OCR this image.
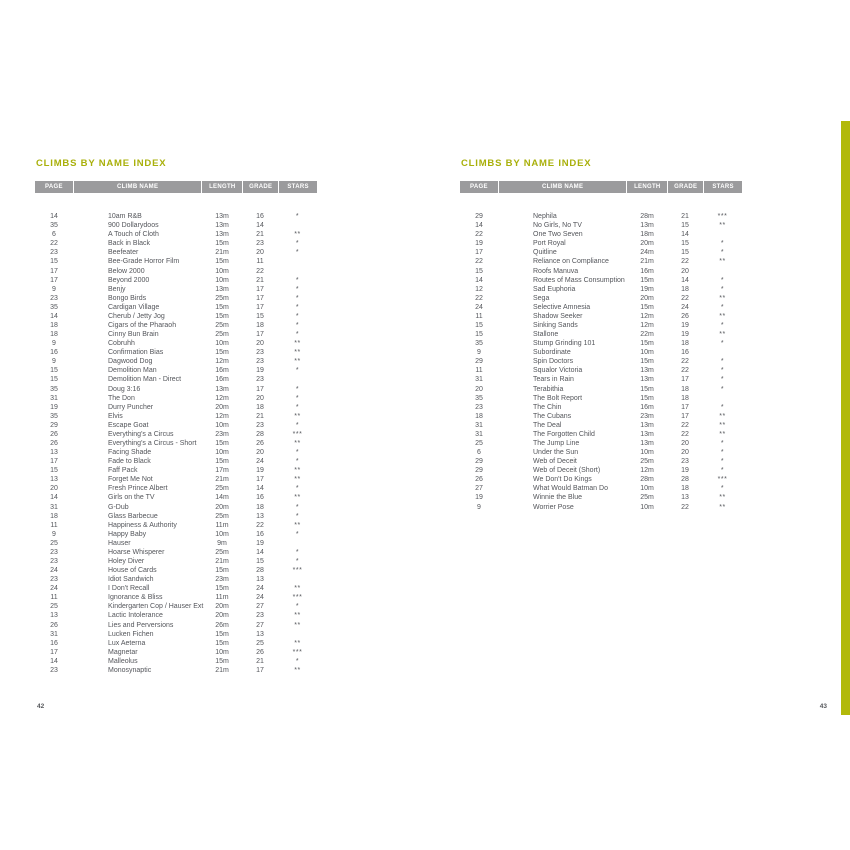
CLIMBS BY NAME INDEX
PAGE	CLIMB NAME	LENGTH	GRADE	STARS
14	10am R&B	13m	16	*
35	900 Dollarydoos	13m	14
6	A Touch of Cloth	13m	21	**
22	Back in Black	15m	23	*
23	Beefeater	21m	20	*
15	Bee-Grade Horror Film	15m	11
17	Below 2000	10m	22
17	Beyond 2000	10m	21	*
9	Benjy	13m	17	*
23	Bongo Birds	25m	17	*
35	Cardigan Village	15m	17	*
14	Cherub / Jetty Jog	15m	15	*
18	Cigars of the Pharaoh	25m	18	*
18	Cinny Bun Brain	25m	17	*
9	Cobruhh	10m	20	**
16	Confirmation Bias	15m	23	**
9	Dagwood Dog	12m	23	**
15	Demolition Man	16m	19	*
15	Demolition Man - Direct	16m	23
35	Doug 3:16	13m	17	*
31	The Don	12m	20	*
19	Durry Puncher	20m	18	*
35	Elvis	12m	21	**
29	Escape Goat	10m	23	*
26	Everything's a Circus	23m	28	***
26	Everything's a Circus - Short	15m	26	**
13	Facing Shade	10m	20	*
17	Fade to Black	15m	24	*
15	Faff Pack	17m	19	**
13	Forget Me Not	21m	17	**
20	Fresh Prince Albert	25m	14	*
14	Girls on the TV	14m	16	**
31	G-Dub	20m	18	*
18	Glass Barbecue	25m	13	*
11	Happiness & Authority	11m	22	**
9	Happy Baby	10m	16	*
25	Hauser	9m	19
23	Hoarse Whisperer	25m	14	*
23	Holey Diver	21m	15	*
24	House of Cards	15m	28	***
23	Idiot Sandwich	23m	13
24	I Don't Recall	15m	24	**
11	Ignorance & Bliss	11m	24	***
25	Kindergarten Cop / Hauser Ext	20m	27	*
13	Lactic Intolerance	20m	23	**
26	Lies and Perversions	26m	27	**
31	Lucken Fichen	15m	13
16	Lux Aeterna	15m	25	**
17	Magnetar	10m	26	***
14	Malleolus	15m	21	*
23	Monosynaptic	21m	17	**
CLIMBS BY NAME INDEX
PAGE	CLIMB NAME	LENGTH	GRADE	STARS
29	Nephila	28m	21	***
14	No Girls, No TV	13m	15	**
22	One Two Seven	18m	14
19	Port Royal	20m	15	*
17	Quitline	24m	15	*
22	Reliance on Compliance	21m	22	**
15	Roofs Manuva	16m	20
14	Routes of Mass Consumption	15m	14	*
12	Sad Euphoria	19m	18	*
22	Sega	20m	22	**
24	Selective Amnesia	15m	24	*
11	Shadow Seeker	12m	26	**
15	Sinking Sands	12m	19	*
15	Stallone	22m	19	**
35	Stump Grinding 101	15m	18	*
9	Subordinate	10m	16
29	Spin Doctors	15m	22	*
11	Squalor Victoria	13m	22	*
31	Tears in Rain	13m	17	*
20	Terabithia	15m	18	*
35	The Bolt Report	15m	18
23	The Chin	16m	17	*
18	The Cubans	23m	17	**
31	The Deal	13m	22	**
31	The Forgotten Child	13m	22	**
25	The Jump Line	13m	20	*
6	Under the Sun	10m	20	*
29	Web of Deceit	25m	23	*
29	Web of Deceit (Short)	12m	19	*
26	We Don't Do Kings	28m	28	***
27	What Would Batman Do	10m	18	*
19	Winnie the Blue	25m	13	**
9	Worrier Pose	10m	22	**
42	43
